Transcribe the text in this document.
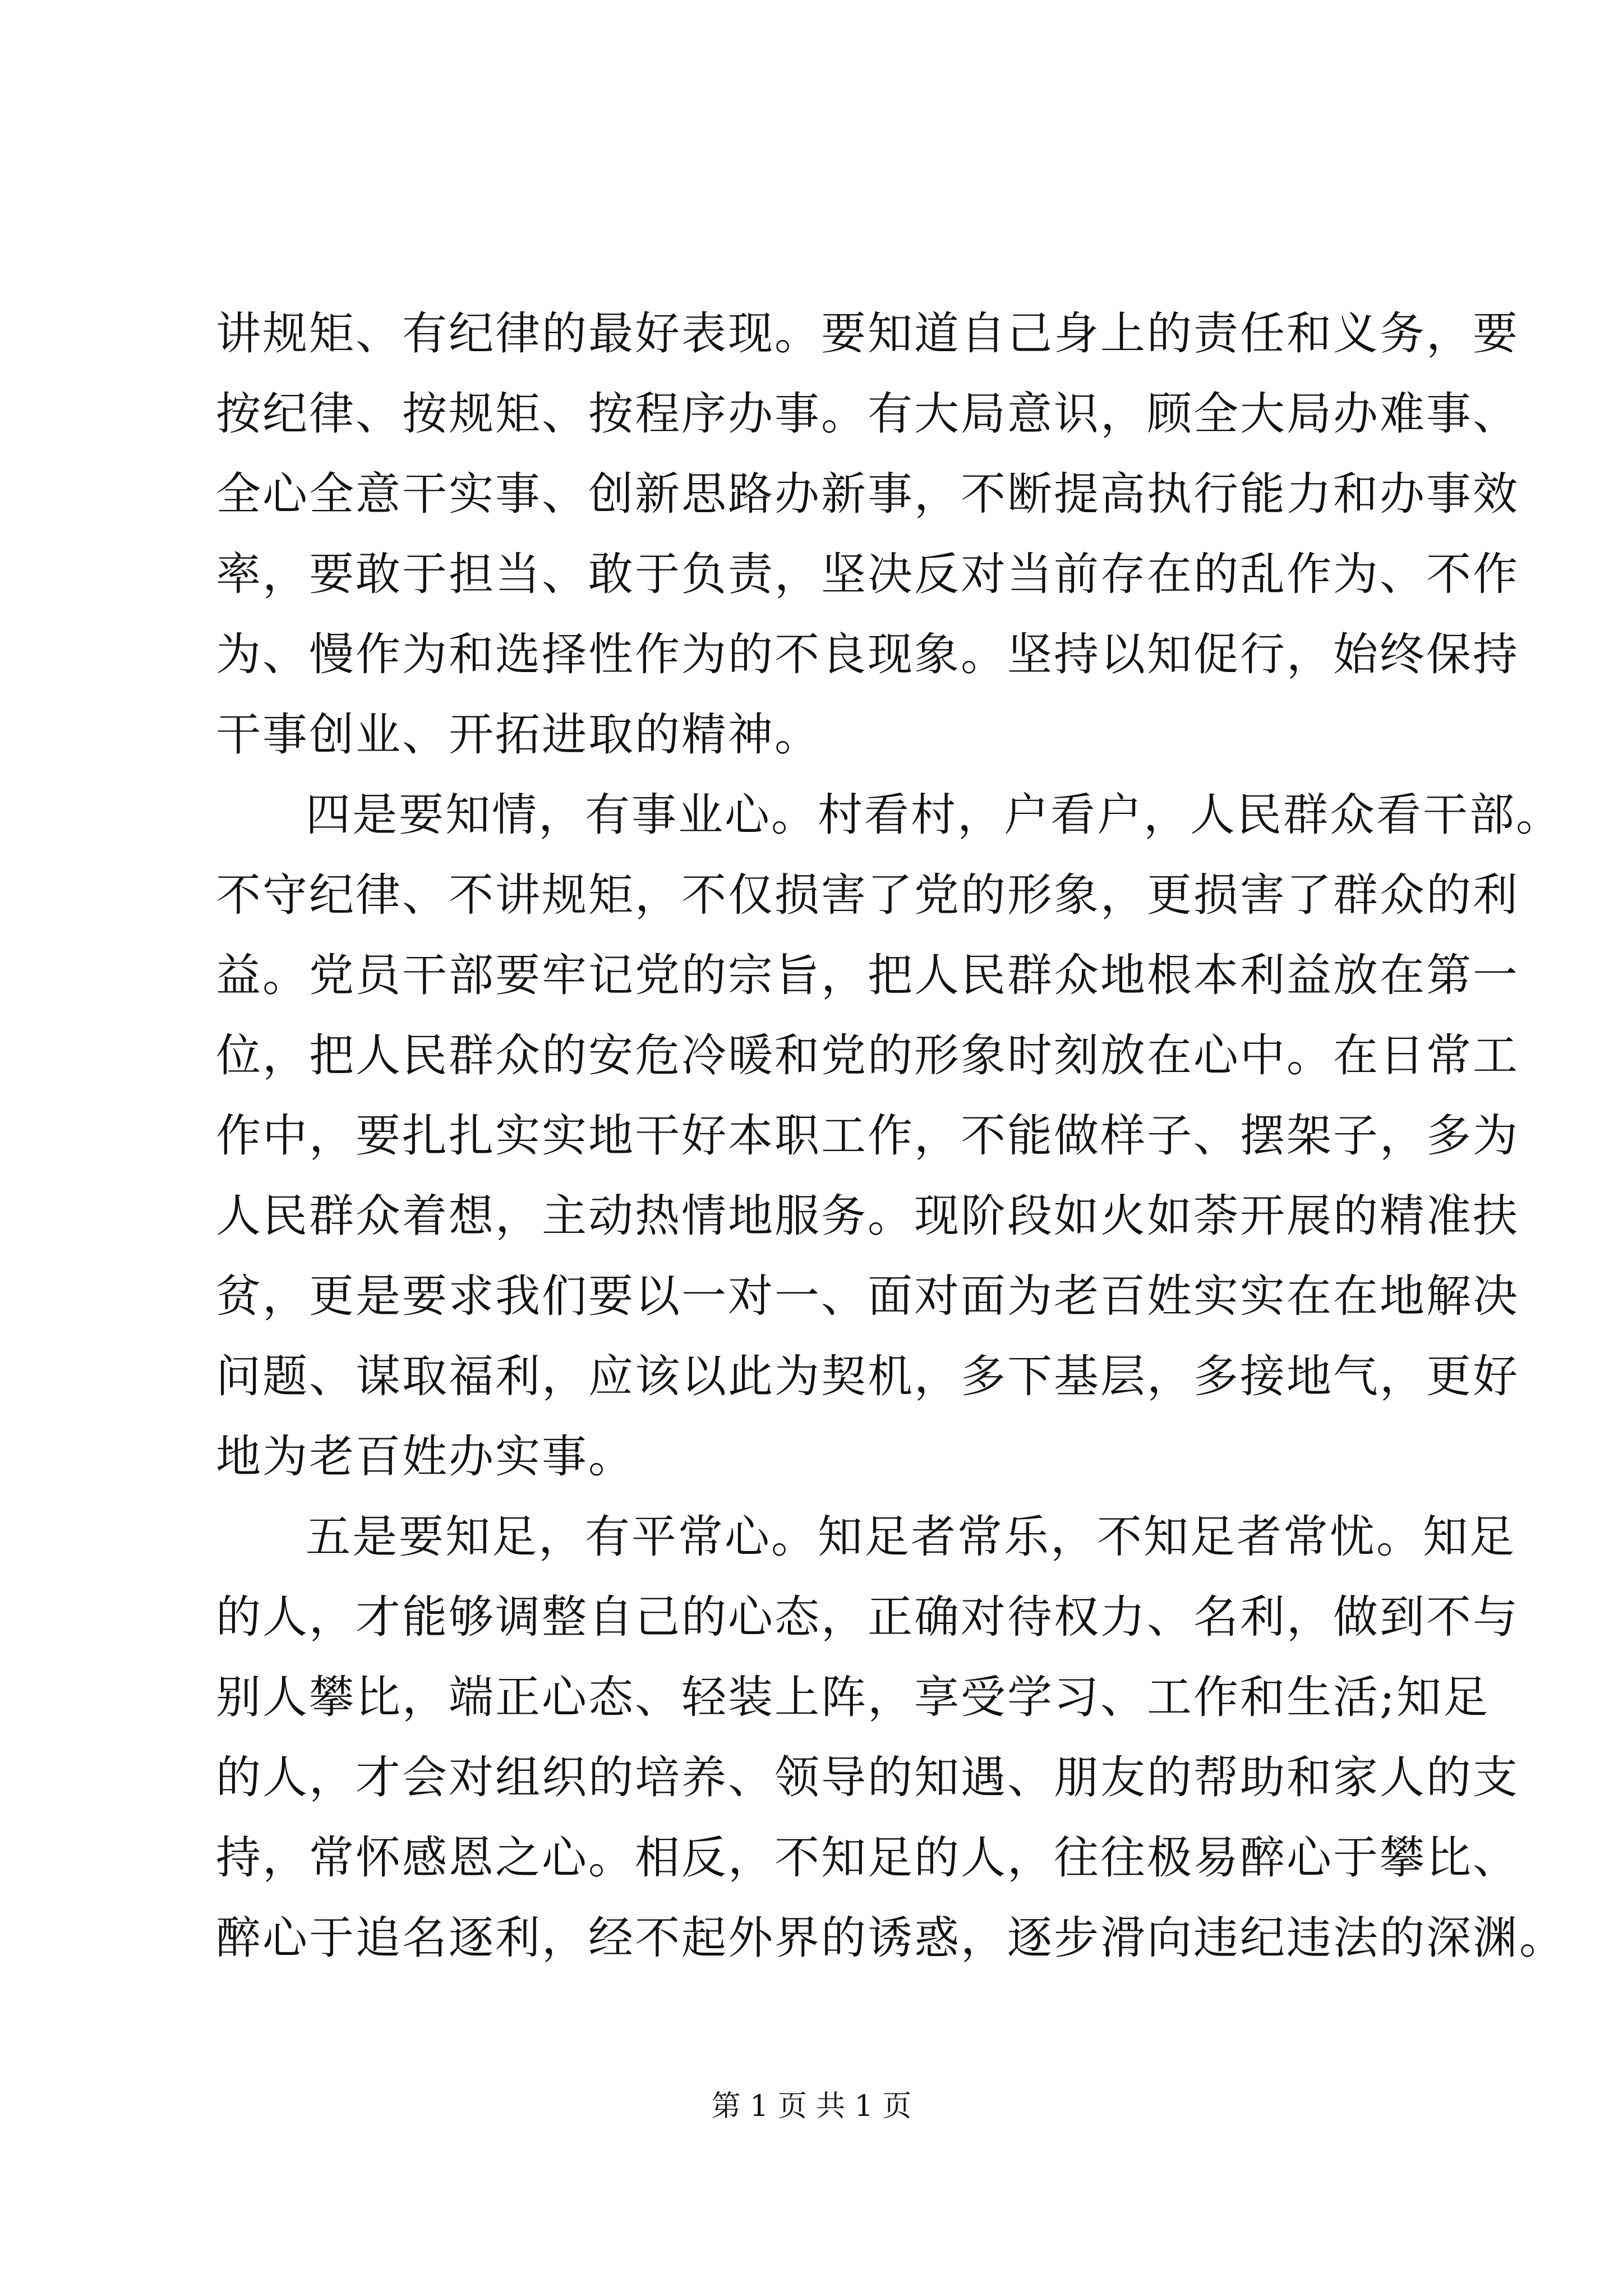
讲规矩、有纪律的最好表现。要知道自己身上的责任和义务，要
按纪律、按规矩、按程序办事。有大局意识，顾全大局办难事、
全心全意干实事、创新思路办新事，不断提高执行能力和办事效
率，要敢于担当、敢于负责，坚决反对当前存在的乱作为、不作
为、慢作为和选择性作为的不良现象。坚持以知促行，始终保持
干事创业、开拓进取的精神。
四是要知情，有事业心。村看村，户看户，人民群众看干部。
不守纪律、不讲规矩，不仅损害了党的形象，更损害了群众的利
益。党员干部要牢记党的宗旨，把人民群众地根本利益放在第一
位，把人民群众的安危冷暖和党的形象时刻放在心中。在日常工
作中，要扎扎实实地干好本职工作，不能做样子、摆架子，多为
人民群众着想，主动热情地服务。现阶段如火如荼开展的精准扶
贫，更是要求我们要以一对一、面对面为老百姓实实在在地解决
问题、谋取福利，应该以此为契机，多下基层，多接地气，更好
地为老百姓办实事。
五是要知足，有平常心。知足者常乐，不知足者常忧。知足
的人，才能够调整自己的心态，正确对待权力、名利，做到不与
别人攀比，端正心态、轻装上阵，享受学习、工作和生活;知足
的人，才会对组织的培养、领导的知遇、朋友的帮助和家人的支
持，常怀感恩之心。相反，不知足的人，往往极易醉心于攀比、
醉心于追名逐利，经不起外界的诱惑，逐步滑向违纪违法的深渊。
第 1 页 共 1 页
